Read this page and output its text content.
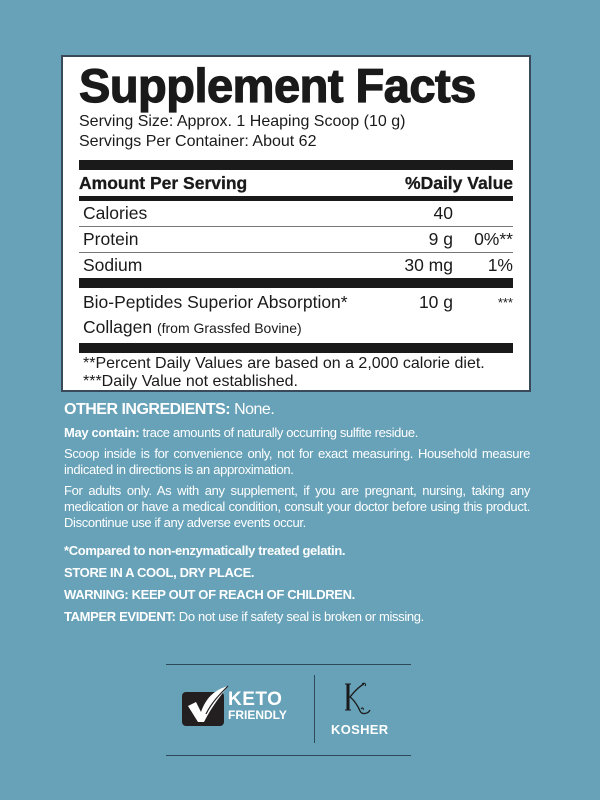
Supplement Facts
Serving Size: Approx. 1 Heaping Scoop (10 g)
Servings Per Container: About 62
Amount Per Serving	%Daily Value
Calories	40
Protein	9 g	0%**
Sodium	30 mg	1%
Bio-Peptides Superior Absorption*	10 g	***
Collagen (from Grassfed Bovine)
**Percent Daily Values are based on a 2,000 calorie diet.
***Daily Value not established.

OTHER INGREDIENTS: None.

May contain: trace amounts of naturally occurring sulfite residue.

Scoop inside is for convenience only, not for exact measuring. Household measure indicated in directions is an approximation.

For adults only. As with any supplement, if you are pregnant, nursing, taking any medication or have a medical condition, consult your doctor before using this product. Discontinue use if any adverse events occur.

*Compared to non-enzymatically treated gelatin.

STORE IN A COOL, DRY PLACE.

WARNING: KEEP OUT OF REACH OF CHILDREN.

TAMPER EVIDENT: Do not use if safety seal is broken or missing.

KETO
FRIENDLY
KOSHER
